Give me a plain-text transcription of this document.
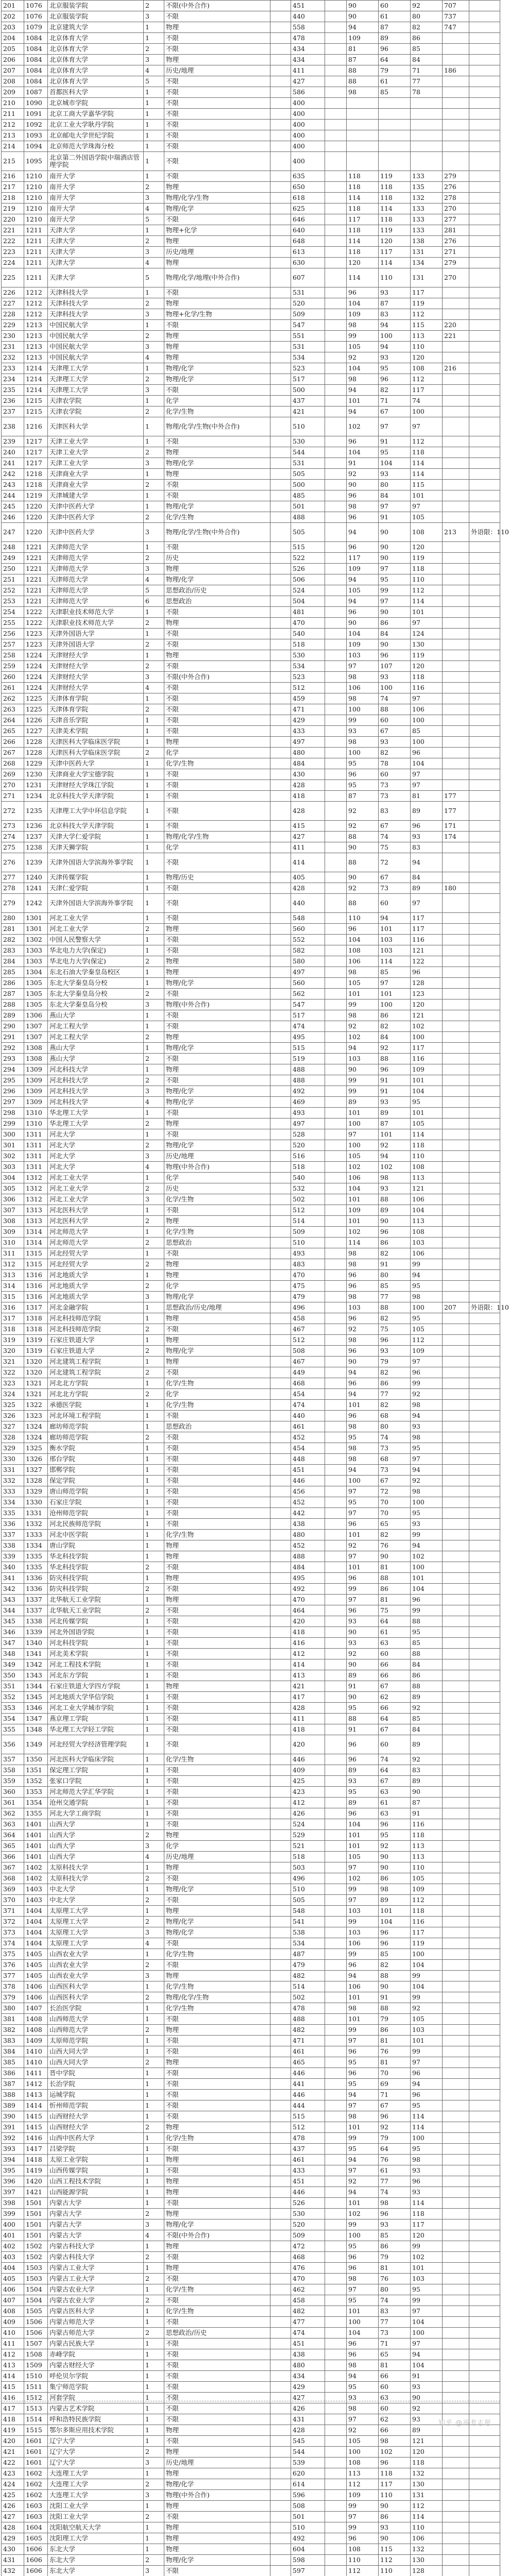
201	1076	北京服装学院	2	不限(中外合作)		451		90	60	92	707	
202	1076	北京服装学院	3	不限		440		90	61	80	737	
203	1079	北京建筑大学	1	物理		558		94	87	82	747	
204	1084	北京体育大学	1	不限		478		109	89	86		
205	1084	北京体育大学	2	不限		434		81	96	85		
206	1084	北京体育大学	3	物理		434		87	64	84		
207	1084	北京体育大学	4	历史/地理		411		88	79	71	186	
208	1084	北京体育大学	5	不限		427		88	61	77		
209	1087	首都医科大学	1	不限		586		98	85	78		
210	1090	北京城市学院	1	不限		400						
211	1091	北京工商大学嘉华学院	1	不限		400						
212	1092	北京工业大学耿丹学院	1	不限		400						
213	1093	北京邮电大学世纪学院	1	不限		400						
214	1094	北京师范大学珠海分校	1	不限		400						
215	1095	北京第二外国语学院中瑞酒店管理学院	1	不限		400						
216	1210	南开大学	1	不限		635		118	119	133	279	
217	1210	南开大学	2	物理		650		118	118	135	276	
218	1210	南开大学	3	物理/化学/生物		618		114	118	132	278	
219	1210	南开大学	4	物理/化学		625		118	114	133	270	
220	1210	南开大学	5	不限		646		117	118	133	277	
221	1211	天津大学	1	物理+化学		640		118	119	133	281	
222	1211	天津大学	2	物理		648		114	120	138	276	
223	1211	天津大学	3	历史/地理		613		118	117	131	271	
224	1211	天津大学	4	物理		630		120	114	134	279	
225	1211	天津大学	5	物理/化学/地理(中外合作)		607		114	110	131	270	
226	1212	天津科技大学	1	不限		531		96	93	117		
227	1212	天津科技大学	2	物理		520		104	87	119		
228	1212	天津科技大学	3	物理+化学/生物		509		109	83	112		
229	1213	中国民航大学	1	不限		547		98	94	115	220	
230	1213	中国民航大学	2	物理		551		99	100	113	221	
231	1213	中国民航大学	3	物理		531		105	94	110		
232	1213	中国民航大学	4	物理		534		92	93	120		
233	1214	天津理工大学	1	物理/化学		523		104	95	108	216	
234	1214	天津理工大学	2	物理/化学		517		98	96	112		
235	1214	天津理工大学	3	不限		500		94	82	117		
236	1215	天津农学院	1	化学		437		101	71	74		
237	1215	天津农学院	2	化学/生物		421		94	67	100		
238	1216	天津医科大学	1	物理/化学/生物(中外合作)		510		102	97	97		
239	1217	天津工业大学	1	不限		530		96	91	112		
240	1217	天津工业大学	2	物理		544		104	95	118		
241	1217	天津工业大学	3	物理/化学		531		91	104	114		
242	1218	天津商业大学	1	物理		505		92	93	114		
243	1218	天津商业大学	2	不限		500		90	80	115		
244	1219	天津城建大学	1	不限		485		96	84	101		
245	1220	天津中医药大学	1	物理/化学		501		98	97	97		
246	1220	天津中医药大学	2	化学/生物		488		96	91	105		
247	1220	天津中医药大学	3	物理/化学/生物(中外合作)		505		94	90	108	213	外语限：110
248	1221	天津师范大学	1	不限		515		96	90	120		
249	1221	天津师范大学	2	历史		522		117	90	119		
250	1221	天津师范大学	3	物理		526		109	97	118		
251	1221	天津师范大学	4	物理/化学		506		94	95	110		
252	1221	天津师范大学	5	思想政治/历史		524		105	99	112		
253	1221	天津师范大学	6	思想政治		504		94	97	114		
254	1222	天津职业技术师范大学	1	不限		481		96	90	101		
255	1222	天津职业技术师范大学	2	物理		470		90	86	97		
256	1223	天津外国语大学	1	不限		540		104	84	124		
257	1223	天津外国语大学	2	不限		518		109	90	130		
258	1224	天津财经大学	1	物理		530		103	96	119		
259	1224	天津财经大学	2	不限		534		97	107	120		
260	1224	天津财经大学	3	不限(中外合作)		523		98	93	118		
261	1224	天津财经大学	4	不限		512		106	100	116		
262	1225	天津体育学院	1	不限		459		98	74	97		
263	1225	天津体育学院	2	不限		471		100	88	106		
264	1226	天津音乐学院	1	不限		429		99	60	100		
265	1227	天津美术学院	1	不限		433		93	67	85		
266	1228	天津医科大学临床医学院	1	物理		497		98	93	100		
267	1228	天津医科大学临床医学院	2	化学		480		100	82	96		
268	1229	天津中医药大学	1	化学/生物		484		95	78	104		
269	1230	天津商业大学宝德学院	1	不限		430		96	60	97		
270	1231	天津财经大学珠江学院	1	不限		428		95	73	97		
271	1234	北京科技大学天津学院	1	不限		418		87	73	81	177	
272	1235	天津理工大学中环信息学院	1	不限		428		92	83	89	177	
273	1236	北京科技大学天津学院	1	不限		415		92	67	96	171	
274	1237	天津大学仁爱学院	1	物理/化学/生物		427		88	74	93	174	
275	1238	天津天狮学院	1	化学		411		90	75	83		
276	1239	天津外国语大学滨海外事学院	1	不限		414		88	72	94		
277	1240	天津传媒学院	1	物理/历史		405		90	67	84		
278	1241	天津仁爱学院	1	不限		428		92	73	89	180	
279	1242	天津外国语大学滨海外事学院	1	不限		440		88	60	97		
280	1301	河北工业大学	1	不限		548		110	94	117		
281	1301	河北工业大学	2	物理		560		96	101	117		
282	1302	中国人民警察大学	1	不限		552		104	103	116		
283	1303	华北电力大学(保定)	1	不限		582		108	103	121		
284	1303	华北电力大学(保定)	2	物理		580		106	114	122		
285	1304	东北石油大学秦皇岛校区	1	物理		497		98	85	96		
286	1305	东北大学秦皇岛分校	1	物理/化学		560		105	97	128		
287	1305	东北大学秦皇岛分校	2	不限		562		101	101	123		
288	1305	东北大学秦皇岛分校	3	物理(中外合作)		547		99	100	120		
289	1306	燕山大学	1	不限		517		98	86	121		
290	1307	河北工程大学	1	不限		474		92	82	102		
291	1307	河北工程大学	2	物理		495		102	84	100		
292	1308	燕山大学	1	物理/化学		515		94	92	117		
293	1308	燕山大学	2	不限		519		103	88	116		
294	1309	河北科技大学	1	物理		488		90	96	109		
295	1309	河北科技大学	2	不限		488		99	91	101		
296	1309	河北科技大学	3	物理/化学		492		99	91	104		
297	1309	河北科技大学	4	物理/化学		469		89	93	95		
298	1310	华北理工大学	1	不限		493		101	89	101		
299	1310	华北理工大学	2	物理		497		100	87	105		
300	1311	河北大学	1	不限		528		97	101	114		
301	1311	河北大学	2	物理/化学		520		100	92	118		
302	1311	河北大学	3	历史/地理		516		105	94	110		
303	1311	河北大学	4	物理(中外合作)		518		102	102	108		
304	1312	河北工业大学	1	化学		540		106	98	113		
305	1312	河北工业大学	2	历史		532		104	93	121		
306	1312	河北工业大学	3	化学/生物		502		101	88	106		
307	1313	河北医科大学	1	不限		512		109	89	104		
308	1313	河北医科大学	2	物理		514		101	90	113		
309	1314	河北师范大学	1	化学/生物		509		102	96	108		
310	1314	河北师范大学	2	思想政治		510		114	86	103		
311	1315	河北经贸大学	1	不限		493		98	82	106		
312	1315	河北经贸大学	2	物理		483		98	91	99		
313	1316	河北地质大学	1	物理		470		96	80	94		
314	1316	河北地质大学	2	化学		475		96	85	95		
315	1316	河北地质大学	3	物理/化学		479		98	77	98		
316	1317	河北金融学院	1	思想政治/历史/地理		496		103	88	100	207	外语限：110
317	1318	河北科技师范学院	1	物理		458		96	82	95		
318	1318	河北科技师范学院	2	不限		467		92	75	105		
319	1319	石家庄铁道大学	1	物理		512		98	96	112		
320	1319	石家庄铁道大学	2	物理/化学		508		96	93	109		
321	1320	河北建筑工程学院	1	物理		467		90	79	97		
322	1320	河北建筑工程学院	2	不限		449		94	82	96		
323	1321	河北北方学院	1	化学/生物		468		96	86	99		
324	1321	河北北方学院	2	化学		454		94	77	92		
325	1322	承德医学院	1	化学/生物		474		101	82	98		
326	1323	河北环境工程学院	1	不限		440		96	68	94		
327	1324	廊坊师范学院	1	思想政治		461		98	80	93		
328	1324	廊坊师范学院	2	不限		452		95	74	98		
329	1325	衡水学院	1	不限		454		98	73	95		
330	1326	邢台学院	1	不限		448		98	68	97		
331	1327	邯郸学院	1	不限		451		94	73	94		
332	1328	保定学院	1	不限		446		100	67	92		
333	1329	唐山师范学院	1	不限		456		97	72	98		
334	1330	石家庄学院	1	不限		452		95	70	100		
335	1331	沧州师范学院	1	不限		442		97	70	95		
336	1332	河北民族师范学院	1	不限		438		96	65	93		
337	1333	河北中医学院	1	化学/生物		480		101	82	99		
338	1334	唐山学院	1	物理		452		92	76	94		
339	1335	华北科技学院	1	物理		488		97	90	102		
340	1335	华北科技学院	2	不限		484		101	81	100		
341	1336	防灾科技学院	1	物理		495		96	88	101		
342	1336	防灾科技学院	2	不限		492		99	86	104		
343	1337	北华航天工业学院	1	物理		470		97	81	96		
344	1337	北华航天工业学院	2	不限		464		96	75	99		
345	1338	河北传媒学院	1	不限		420		93	64	88		
346	1339	河北外国语学院	1	不限		418		90	61	95		
347	1340	河北科技学院	1	不限		416		93	63	85		
348	1341	河北美术学院	1	不限		412		92	60	88		
349	1342	河北工程技术学院	1	不限		414		90	66	84		
350	1343	河北东方学院	1	不限		413		89	66	86		
351	1344	石家庄铁道大学四方学院	1	物理		421		91	67	88		
352	1345	河北地质大学华信学院	1	不限		417		90	62	89		
353	1346	河北工业大学城市学院	1	不限		428		95	66	92		
354	1347	燕京理工学院	1	不限		411		88	64	85		
355	1348	华北理工大学轻工学院	1	不限		418		91	67	84		
356	1349	河北经贸大学经济管理学院	1	不限		420		96	60	89		
357	1350	河北医科大学临床学院	1	化学/生物		446		96	74	92		
358	1351	保定理工学院	1	不限		409		89	64	83		
359	1352	张家口学院	1	不限		425		93	67	89		
360	1353	河北师范大学汇华学院	1	不限		423		95	63	90		
361	1354	沧州交通学院	1	不限		412		89	61	87		
362	1355	河北大学工商学院	1	不限		426		96	63	91		
363	1401	山西大学	1	不限		524		104	96	116		
364	1401	山西大学	2	物理		529		101	95	118		
365	1401	山西大学	3	化学		521		101	92	113		
366	1401	山西大学	4	历史/地理		518		105	90	113		
367	1402	太原科技大学	1	物理		503		97	90	110		
368	1402	太原科技大学	2	不限		496		102	86	105		
369	1403	中北大学	1	物理/化学		510		99	98	109		
370	1403	中北大学	2	不限		505		97	89	112		
371	1404	太原理工大学	1	物理		548		103	101	118		
372	1404	太原理工大学	2	物理/化学		541		99	104	116		
373	1404	太原理工大学	3	物理/化学		538		103	96	117		
374	1404	太原理工大学	4	不限		534		106	96	119		
375	1405	山西农业大学	1	化学/生物		487		99	85	100		
376	1405	山西农业大学	2	不限		479		96	82	104		
377	1405	山西农业大学	3	物理		482		94	88	99		
378	1406	山西医科大学	1	化学/生物		514		106	90	104		
379	1406	山西医科大学	2	物理/化学/生物		502		101	91	99		
380	1407	长治医学院	1	化学/生物		478		98	88	92		
381	1408	山西师范大学	1	不限		488		101	79	105		
382	1408	山西师范大学	2	物理		482		99	86	103		
383	1409	太原师范学院	1	不限		471		97	81	101		
384	1410	山西大同大学	1	不限		461		96	76	99		
385	1410	山西大同大学	2	物理		465		95	81	97		
386	1411	晋中学院	1	不限		446		96	70	96		
387	1412	长治学院	1	不限		441		95	69	94		
388	1413	运城学院	1	不限		446		94	71	96		
389	1414	忻州师范学院	1	不限		444		97	67	95		
390	1415	山西财经大学	1	不限		515		98	96	114		
391	1415	山西财经大学	2	物理		512		101	92	114		
392	1416	山西中医药大学	1	化学/生物		478		99	79	100		
393	1417	吕梁学院	1	不限		437		95	64	95		
394	1418	太原工业学院	1	物理		461		94	76	98		
395	1419	山西传媒学院	1	不限		433		97	61	93		
396	1420	山西工程技术学院	1	物理		451		92	77	96		
397	1421	山西能源学院	1	物理		446		94	74	93		
398	1501	内蒙古大学	1	不限		526		101	98	114		
399	1501	内蒙古大学	2	物理		530		102	96	118		
400	1501	内蒙古大学	3	物理/化学		520		99	93	117		
401	1501	内蒙古大学	4	不限(中外合作)		509		100	85	120		
402	1502	内蒙古科技大学	1	物理		472		95	86	99		
403	1502	内蒙古科技大学	2	不限		468		96	79	102		
404	1503	内蒙古工业大学	1	物理		476		96	81	101		
405	1503	内蒙古工业大学	2	不限		470		98	76	103		
406	1504	内蒙古农业大学	1	化学/生物		462		97	80	95		
407	1504	内蒙古农业大学	2	不限		458		95	74	99		
408	1505	内蒙古医科大学	1	化学/生物		482		101	83	97		
409	1506	内蒙古师范大学	1	不限		477		100	77	104		
410	1506	内蒙古师范大学	2	思想政治/历史		474		104	73	100		
411	1507	内蒙古民族大学	1	不限		451		96	71	97		
412	1508	赤峰学院	1	不限		438		96	65	94		
413	1509	内蒙古财经大学	1	不限		480		98	81	104		
414	1510	呼伦贝尔学院	1	不限		434		94	66	91		
415	1511	集宁师范学院	1	不限		429		95	60	93		
416	1512	河套学院	1	不限		427		93	63	90		
417	1513	内蒙古艺术学院	1	不限		426		98	60	92		
418	1514	呼和浩特民族学院	1	不限		431		97	62	93		
419	1515	鄂尔多斯应用技术学院	1	物理		428		92	66	89		
420	1601	辽宁大学	1	不限		545		105	98	121		
421	1601	辽宁大学	2	物理		544		100	102	120		
422	1601	辽宁大学	3	历史/地理		539		108	96	118		
423	1602	大连理工大学	1	物理		620		113	118	132		
424	1602	大连理工大学	2	物理/化学		614		112	117	130		
425	1602	大连理工大学	3	物理(中外合作)		596		109	110	131		
426	1603	沈阳工业大学	1	物理		508		99	90	112		
427	1603	沈阳工业大学	2	不限		501		97	86	114		
428	1604	沈阳航空航天大学	1	物理		510		99	93	110		
429	1605	沈阳理工大学	1	物理		492		96	90	106		
430	1606	东北大学	1	物理		604		108	115	132		
431	1606	东北大学	2	物理/化学		598		110	112	130		
432	1606	东北大学	3	不限		597		112	110	128		

知乎 @高考志愿
